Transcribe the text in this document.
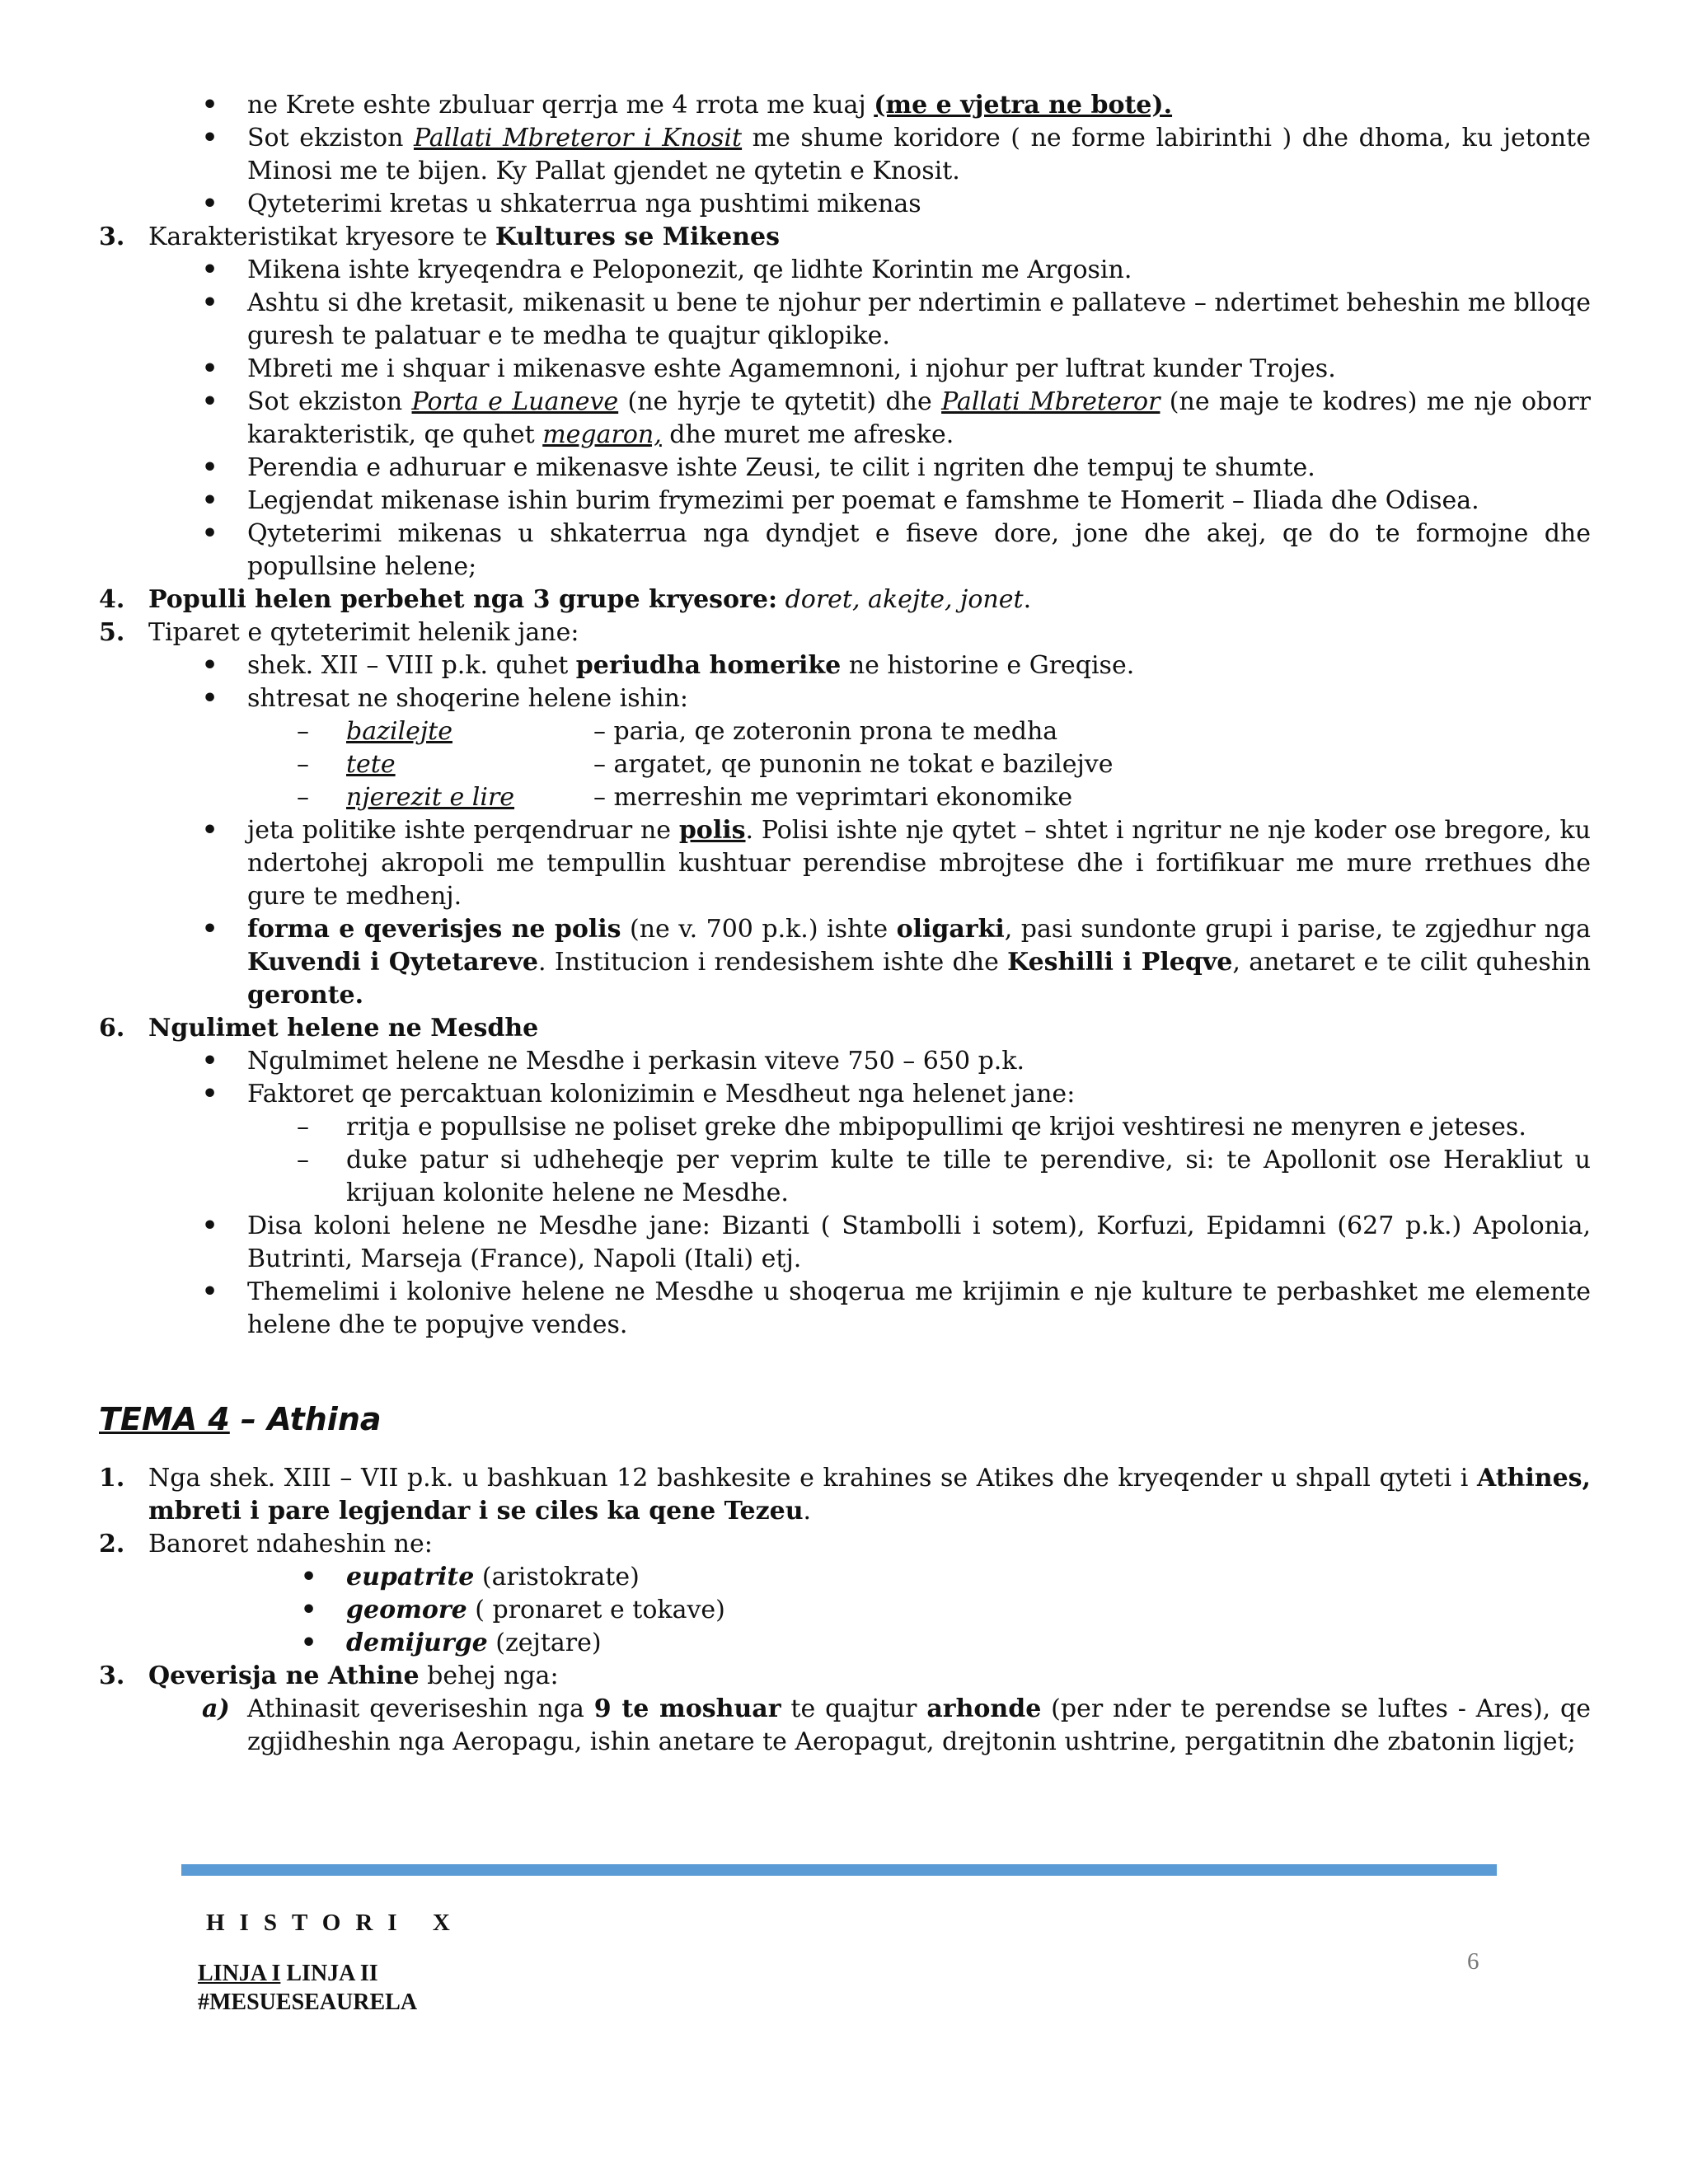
• ne Krete eshte zbuluar qerrja me 4 rrota me kuaj (me e vjetra ne bote).
• Sot ekziston Pallati Mbreteror i Knosit me shume koridore ( ne forme labirinthi ) dhe dhoma, ku jetonte Minosi me te bijen. Ky Pallat gjendet ne qytetin e Knosit.
• Qyteterimi kretas u shkaterrua nga pushtimi mikenas
3. Karakteristikat kryesore te Kultures se Mikenes
• Mikena ishte kryeqendra e Peloponezit, qe lidhte Korintin me Argosin.
• Ashtu si dhe kretasit, mikenasit u bene te njohur per ndertimin e pallateve – ndertimet beheshin me blloqe guresh te palatuar e te medha te quajtur qiklopike.
• Mbreti me i shquar i mikenasve eshte Agamemnoni, i njohur per luftrat kunder Trojes.
• Sot ekziston Porta e Luaneve (ne hyrje te qytetit) dhe Pallati Mbreteror (ne maje te kodres) me nje oborr karakteristik, qe quhet megaron, dhe muret me afreske.
• Perendia e adhuruar e mikenasve ishte Zeusi, te cilit i ngriten dhe tempuj te shumte.
• Legjendat mikenase ishin burim frymezimi per poemat e famshme te Homerit – Iliada dhe Odisea.
• Qyteterimi mikenas u shkaterrua nga dyndjet e fiseve dore, jone dhe akej, qe do te formojne dhe popullsine helene;
4. Populli helen perbehet nga 3 grupe kryesore: doret, akejte, jonet.
5. Tiparet e qyteterimit helenik jane:
• shek. XII – VIII p.k. quhet periudha homerike ne historine e Greqise.
• shtresat ne shoqerine helene ishin:
– bazilejte	– paria, qe zoteronin prona te medha
– tete	– argatet, qe punonin ne tokat e bazilejve
– njerezit e lire	– merreshin me veprimtari ekonomike
• jeta politike ishte perqendruar ne polis. Polisi ishte nje qytet – shtet i ngritur ne nje koder ose bregore, ku ndertohej akropoli me tempullin kushtuar perendise mbrojtese dhe i fortifikuar me mure rrethues dhe gure te medhenj.
• forma e qeverisjes ne polis (ne v. 700 p.k.) ishte oligarki, pasi sundonte grupi i parise, te zgjedhur nga Kuvendi i Qytetareve. Institucion i rendesishem ishte dhe Keshilli i Pleqve, anetaret e te cilit quheshin geronte.
6. Ngulimet helene ne Mesdhe
• Ngulmimet helene ne Mesdhe i perkasin viteve 750 – 650 p.k.
• Faktoret qe percaktuan kolonizimin e Mesdheut nga helenet jane:
– rritja e popullsise ne poliset greke dhe mbipopullimi qe krijoi veshtiresi ne menyren e jeteses.
– duke patur si udheheqje per veprim kulte te tille te perendive, si: te Apollonit ose Herakliut u krijuan kolonite helene ne Mesdhe.
• Disa koloni helene ne Mesdhe jane: Bizanti ( Stambolli i sotem), Korfuzi, Epidamni (627 p.k.) Apolonia, Butrinti, Marseja (France), Napoli (Itali) etj.
• Themelimi i kolonive helene ne Mesdhe u shoqerua me krijimin e nje kulture te perbashket me elemente helene dhe te popujve vendes.
TEMA 4 – Athina
1. Nga shek. XIII – VII p.k. u bashkuan 12 bashkesite e krahines se Atikes dhe kryeqender u shpall qyteti i Athines, mbreti i pare legjendar i se ciles ka qene Tezeu.
2. Banoret ndaheshin ne:
• eupatrite (aristokrate)
• geomore ( pronaret e tokave)
• demijurge (zejtare)
3. Qeverisja ne Athine behej nga:
a) Athinasit qeveriseshin nga 9 te moshuar te quajtur arhonde (per nder te perendse se luftes - Ares), qe zgjidheshin nga Aeropagu, ishin anetare te Aeropagut, drejtonin ushtrine, pergatitnin dhe zbatonin ligjet;
HISTORI X
LINJA I LINJA II
#MESUESEAURELA
6
